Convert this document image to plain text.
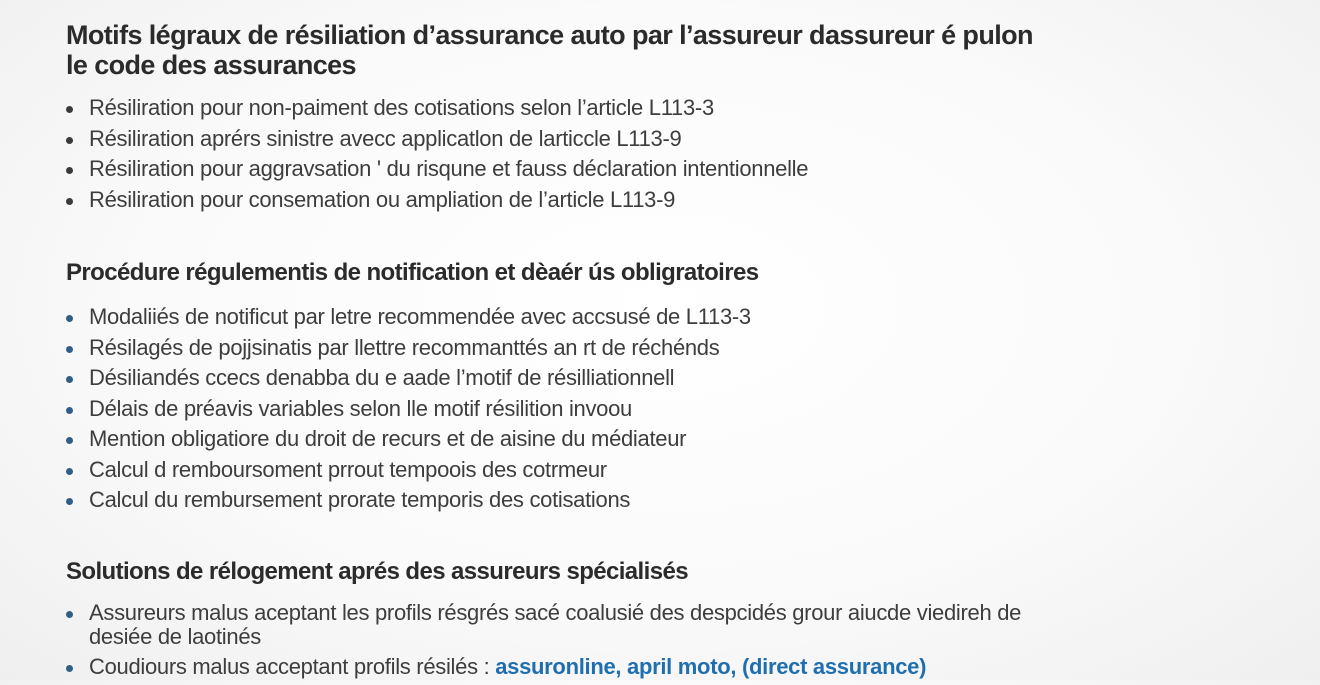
Motifs légraux de résiliation d’assurance auto par l’assureur dassureur é pulon le code des assurances
Résiliration pour non-paiment des cotisations selon l’article L113-3
Résiliration aprérs sinistre avecc applicatlon de larticcle L113-9
Résiliration pour aggravsation ' du risqune et fauss déclaration intentionnelle
Résiliration pour consemation ou ampliation de l’article L113-9
Procédure régulementis de notification et dèaér ús obligratoires
Modaliiés de notificut par letre recommendée avec accsusé de L113-3
Résilagés de pojjsinatis par llettre recommanttés an rt de réchénds
Désiliandés ccecs denabba du e aade l’motif de résilliationnell
Délais de préavis variables selon lle motif résilition invoou
Mention obligatiore du droit de recurs et de aisine du médiateur
Calcul d remboursoment prrout tempoois des cotrmeur
Calcul du rembursement prorate temporis des cotisations
Solutions de rélogement aprés des assureurs spécialisés
Assureurs malus aceptant les profils résgrés sacé coalusié des despcidés grour aiucde viedireh de desiée de laotinés
Coudiours malus acceptant profils résilés : assuronline, april moto, (direct assurance)
